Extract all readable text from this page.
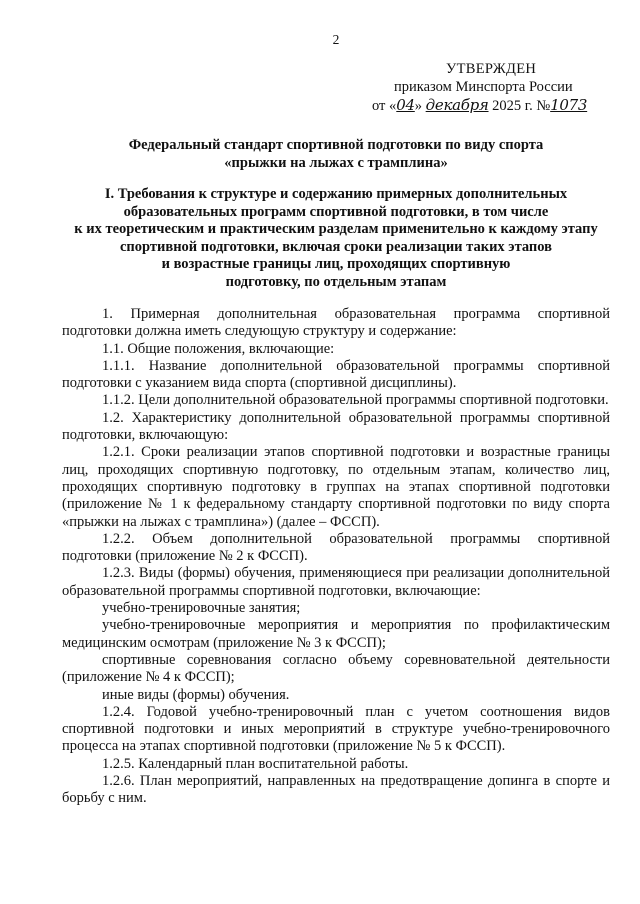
2
УТВЕРЖДЕН
приказом Минспорта России
от «04» декабря 2025 г. №1073
Федеральный стандарт спортивной подготовки по виду спорта
«прыжки на лыжах с трамплина»
I. Требования к структуре и содержанию примерных дополнительных
образовательных программ спортивной подготовки, в том числе
к их теоретическим и практическим разделам применительно к каждому этапу
спортивной подготовки, включая сроки реализации таких этапов
и возрастные границы лиц, проходящих спортивную
подготовку, по отдельным этапам

1. Примерная дополнительная образовательная программа спортивной подготовки должна иметь следующую структуру и содержание:

1.1. Общие положения, включающие:

1.1.1. Название дополнительной образовательной программы спортивной подготовки с указанием вида спорта (спортивной дисциплины).

1.1.2. Цели дополнительной образовательной программы спортивной подготовки.

1.2. Характеристику дополнительной образовательной программы спортивной подготовки, включающую:

1.2.1. Сроки реализации этапов спортивной подготовки и возрастные границы лиц, проходящих спортивную подготовку, по отдельным этапам, количество лиц, проходящих спортивную подготовку в группах на этапах спортивной подготовки (приложение № 1 к федеральному стандарту спортивной подготовки по виду спорта «прыжки на лыжах с трамплина») (далее – ФССП).

1.2.2. Объем дополнительной образовательной программы спортивной подготовки (приложение № 2 к ФССП).

1.2.3. Виды (формы) обучения, применяющиеся при реализации дополнительной образовательной программы спортивной подготовки, включающие:

учебно-тренировочные занятия;

учебно-тренировочные мероприятия и мероприятия по профилактическим медицинским осмотрам (приложение № 3 к ФССП);

спортивные соревнования согласно объему соревновательной деятельности (приложение № 4 к ФССП);

иные виды (формы) обучения.

1.2.4. Годовой учебно-тренировочный план с учетом соотношения видов спортивной подготовки и иных мероприятий в структуре учебно-тренировочного процесса на этапах спортивной подготовки (приложение № 5 к ФССП).

1.2.5. Календарный план воспитательной работы.

1.2.6. План мероприятий, направленных на предотвращение допинга в спорте и борьбу с ним.
